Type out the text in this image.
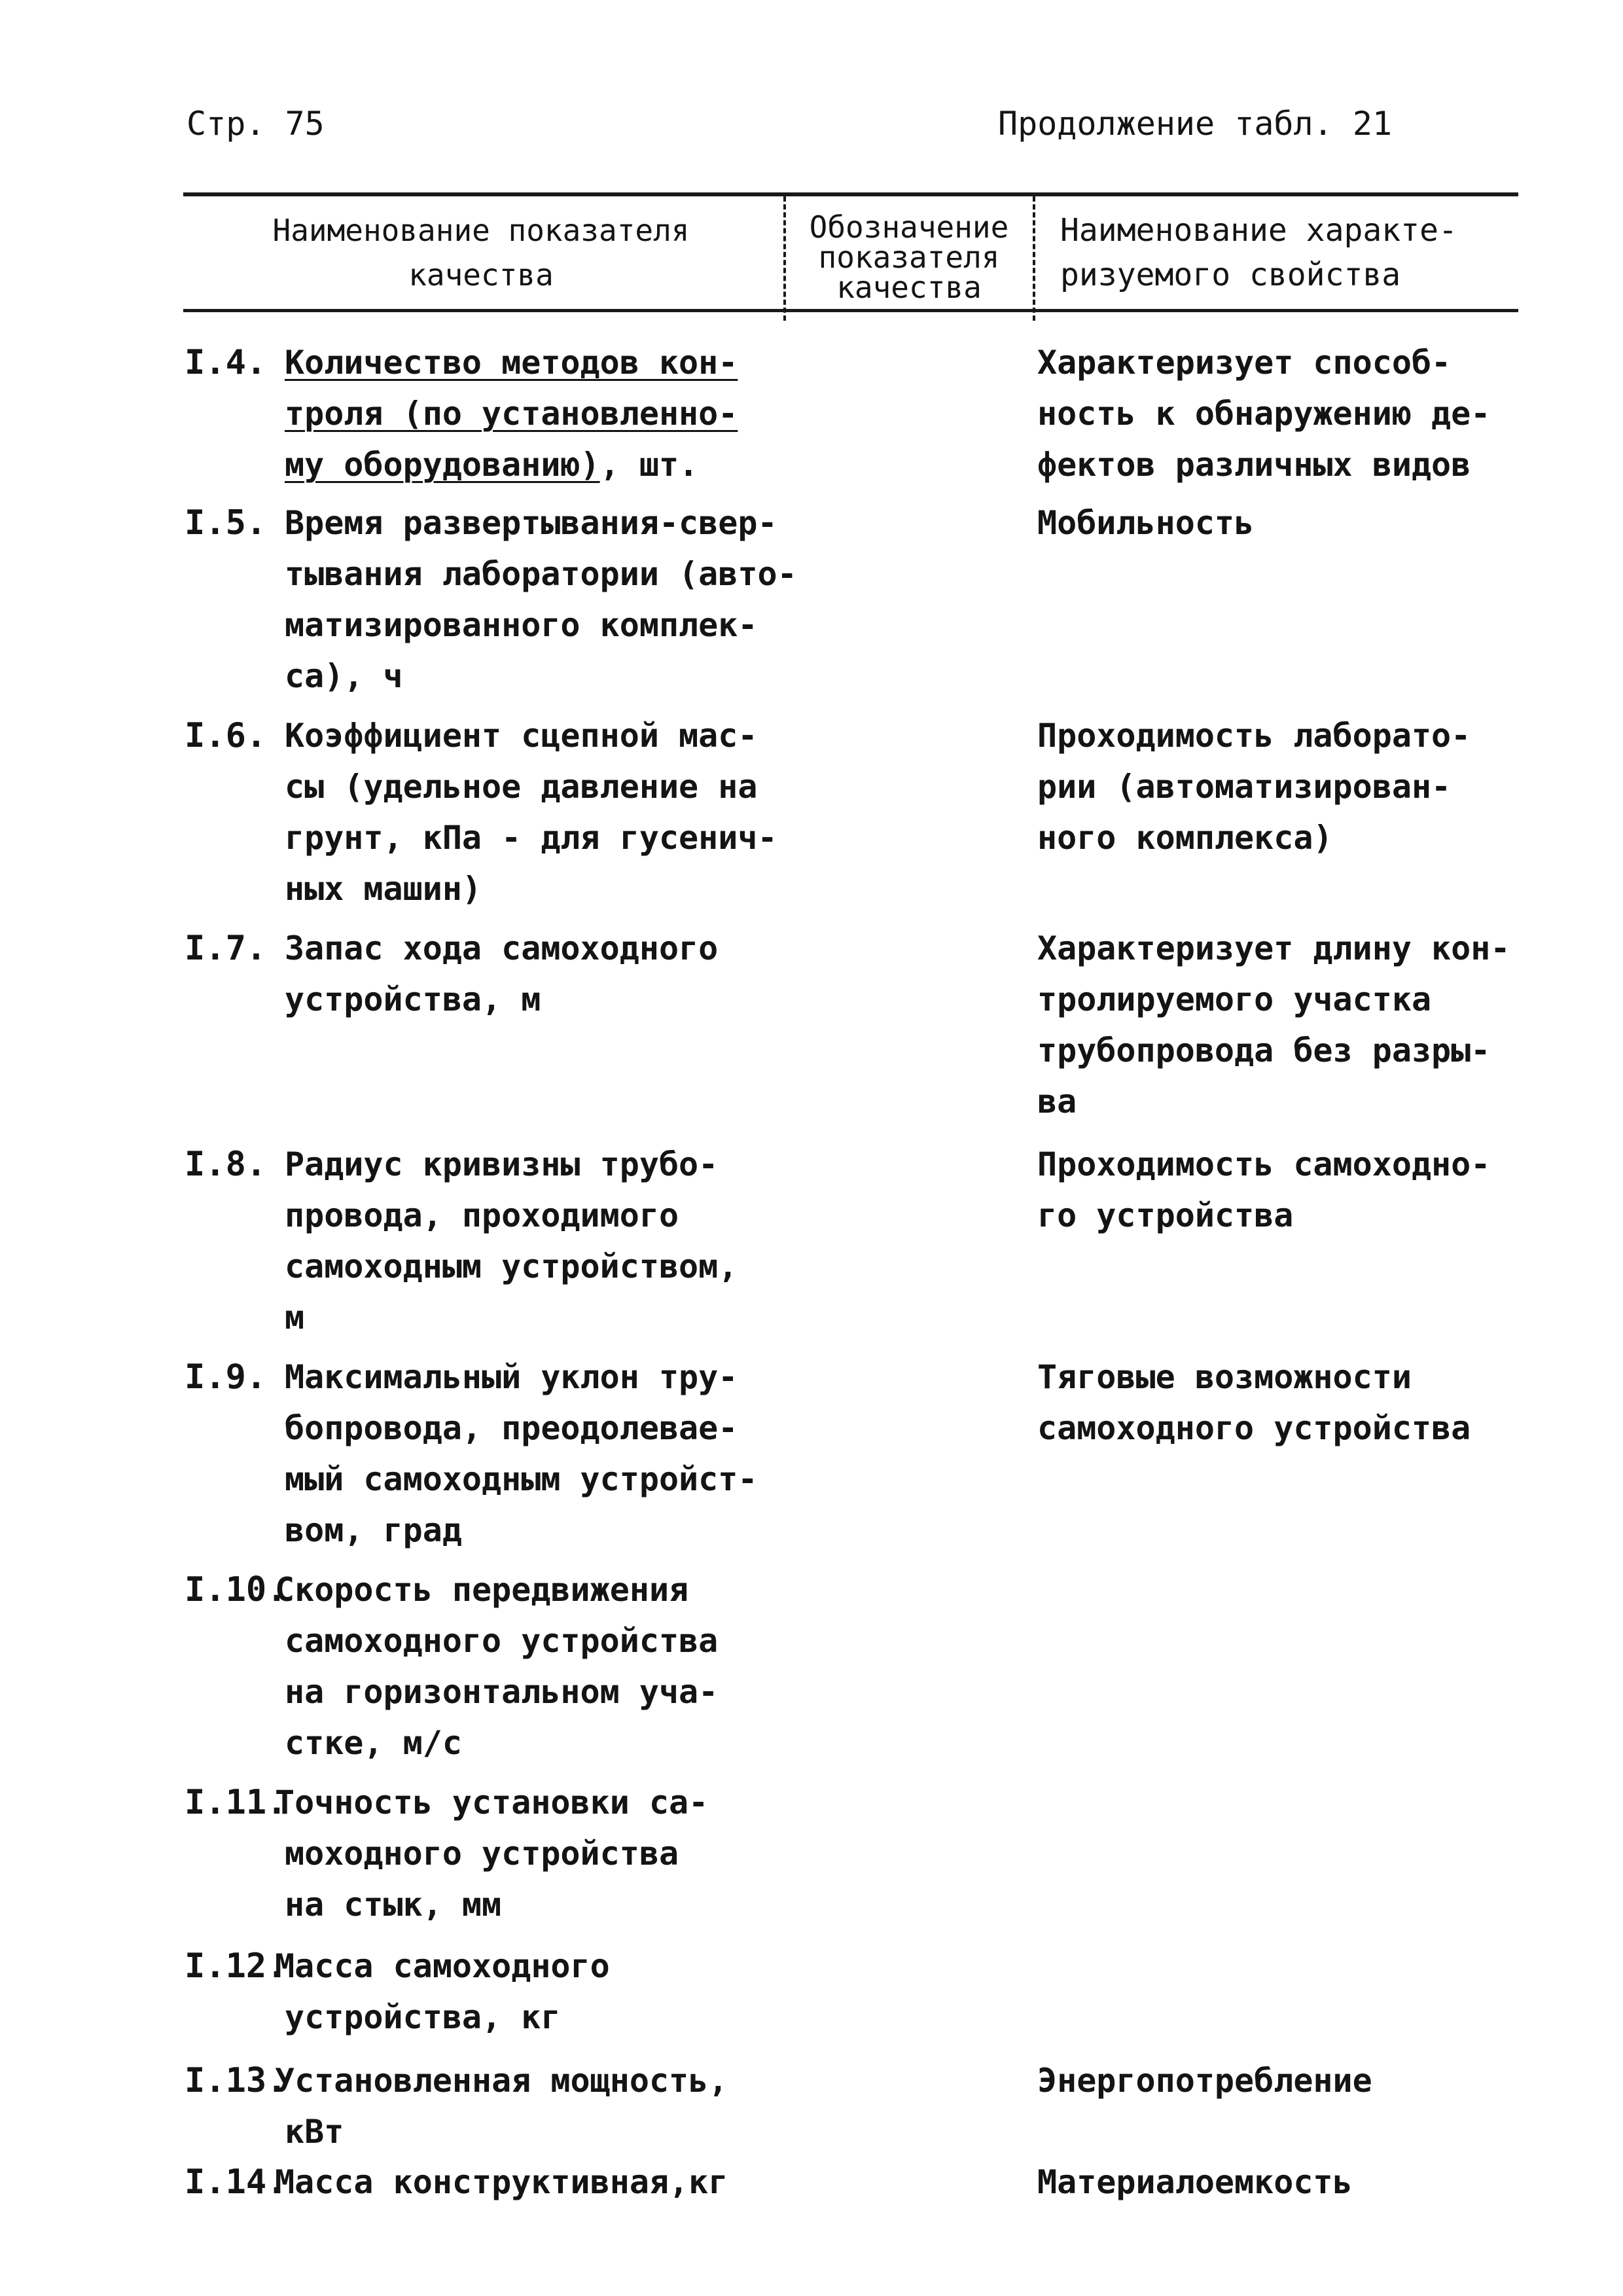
Стр. 75	Продолжение табл. 21
Наименование показателя
качества
Обозначение
показателя
качества
Наименование характе-
ризуемого свойства
I.4. Количество методов кон-
троля (по установленно-
му оборудованию), шт.
Характеризует способ-
ность к обнаружению де-
фектов различных видов
I.5. Время развертывания-свер-
тывания лаборатории (авто-
матизированного комплек-
са), ч
Мобильность
I.6. Коэффициент сцепной мас-
сы (удельное давление на
грунт, кПа - для гусенич-
ных машин)
Проходимость лаборато-
рии (автоматизирован-
ного комплекса)
I.7. Запас хода самоходного
устройства, м
Характеризует длину кон-
тролируемого участка
трубопровода без разры-
ва
I.8. Радиус кривизны трубо-
провода, проходимого
самоходным устройством,
м
Проходимость самоходно-
го устройства
I.9. Максимальный уклон тру-
бопровода, преодолевае-
мый самоходным устройст-
вом, град
Тяговые возможности
самоходного устройства
I.10.
Скорость передвижения
самоходного устройства
на горизонтальном уча-
стке, м/с
I.11.
Точность установки са-
моходного устройства
на стык, мм
I.12.
Масса самоходного
устройства, кг
I.13.
Установленная мощность,
кВт
Энергопотребление
I.14.
Масса конструктивная,кг	Материалоемкость
